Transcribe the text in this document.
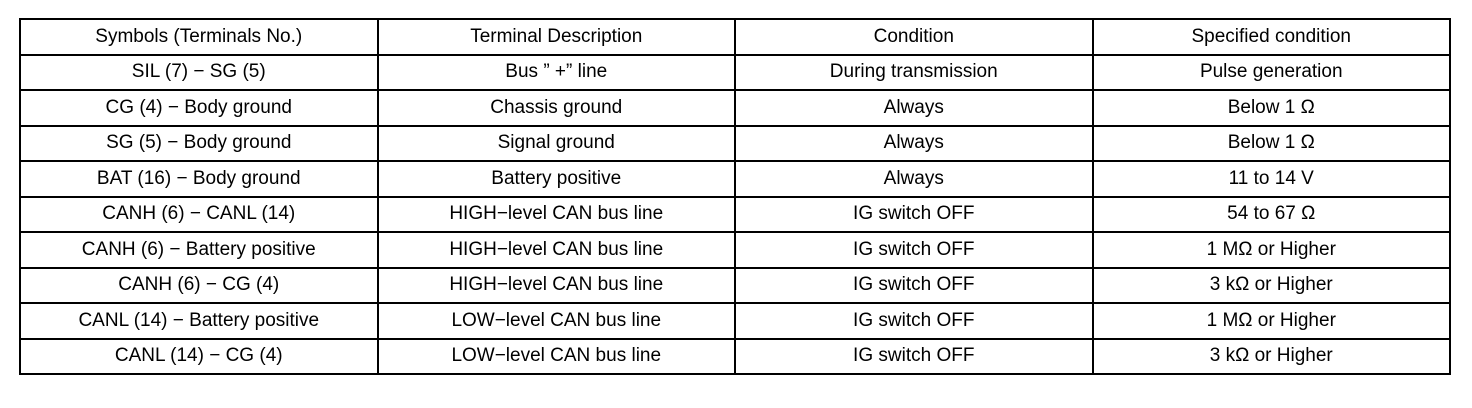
Symbols (Terminals No.)	Terminal Description	Condition	Specified condition
SIL (7) − SG (5)	Bus ” +” line	During transmission	Pulse generation
CG (4) − Body ground	Chassis ground	Always	Below 1 Ω
SG (5) − Body ground	Signal ground	Always	Below 1 Ω
BAT (16) − Body ground	Battery positive	Always	11 to 14 V
CANH (6) − CANL (14)	HIGH−level CAN bus line	IG switch OFF	54 to 67 Ω
CANH (6) − Battery positive	HIGH−level CAN bus line	IG switch OFF	1 MΩ or Higher
CANH (6) − CG (4)	HIGH−level CAN bus line	IG switch OFF	3 kΩ or Higher
CANL (14) − Battery positive	LOW−level CAN bus line	IG switch OFF	1 MΩ or Higher
CANL (14) − CG (4)	LOW−level CAN bus line	IG switch OFF	3 kΩ or Higher
